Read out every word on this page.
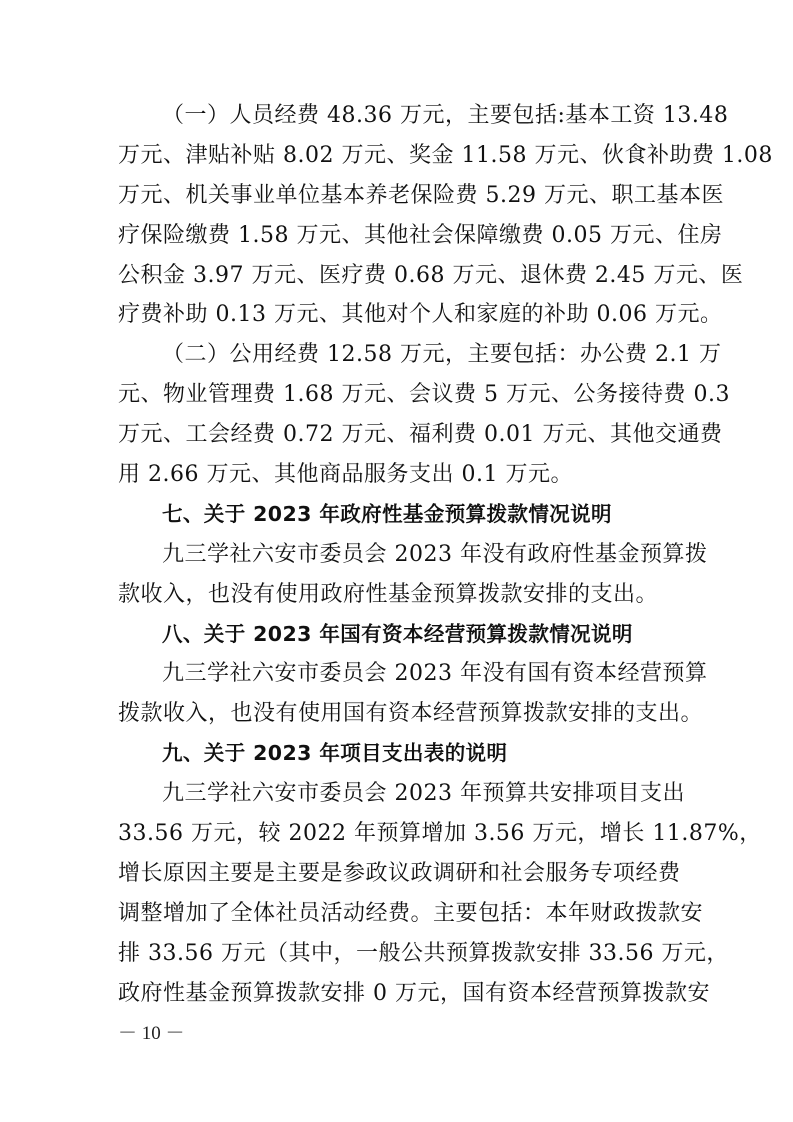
（一）人员经费 48.36 万元，主要包括:基本工资 13.48
万元、津贴补贴 8.02 万元、奖金 11.58 万元、伙食补助费 1.08
万元、机关事业单位基本养老保险费 5.29 万元、职工基本医
疗保险缴费 1.58 万元、其他社会保障缴费 0.05 万元、住房
公积金 3.97 万元、医疗费 0.68 万元、退休费 2.45 万元、医
疗费补助 0.13 万元、其他对个人和家庭的补助 0.06 万元。
（二）公用经费 12.58 万元，主要包括：办公费 2.1 万
元、物业管理费 1.68 万元、会议费 5 万元、公务接待费 0.3
万元、工会经费 0.72 万元、福利费 0.01 万元、其他交通费
用 2.66 万元、其他商品服务支出 0.1 万元。
七、关于 2023 年政府性基金预算拨款情况说明
九三学社六安市委员会 2023 年没有政府性基金预算拨
款收入，也没有使用政府性基金预算拨款安排的支出。
八、关于 2023 年国有资本经营预算拨款情况说明
九三学社六安市委员会 2023 年没有国有资本经营预算
拨款收入，也没有使用国有资本经营预算拨款安排的支出。
九、关于 2023 年项目支出表的说明
九三学社六安市委员会 2023 年预算共安排项目支出
33.56 万元，较 2022 年预算增加 3.56 万元，增长 11.87%，
增长原因主要是主要是参政议政调研和社会服务专项经费
调整增加了全体社员活动经费。主要包括：本年财政拨款安
排 33.56 万元（其中，一般公共预算拨款安排 33.56 万元，
政府性基金预算拨款安排 0 万元，国有资本经营预算拨款安
－ 10 －
